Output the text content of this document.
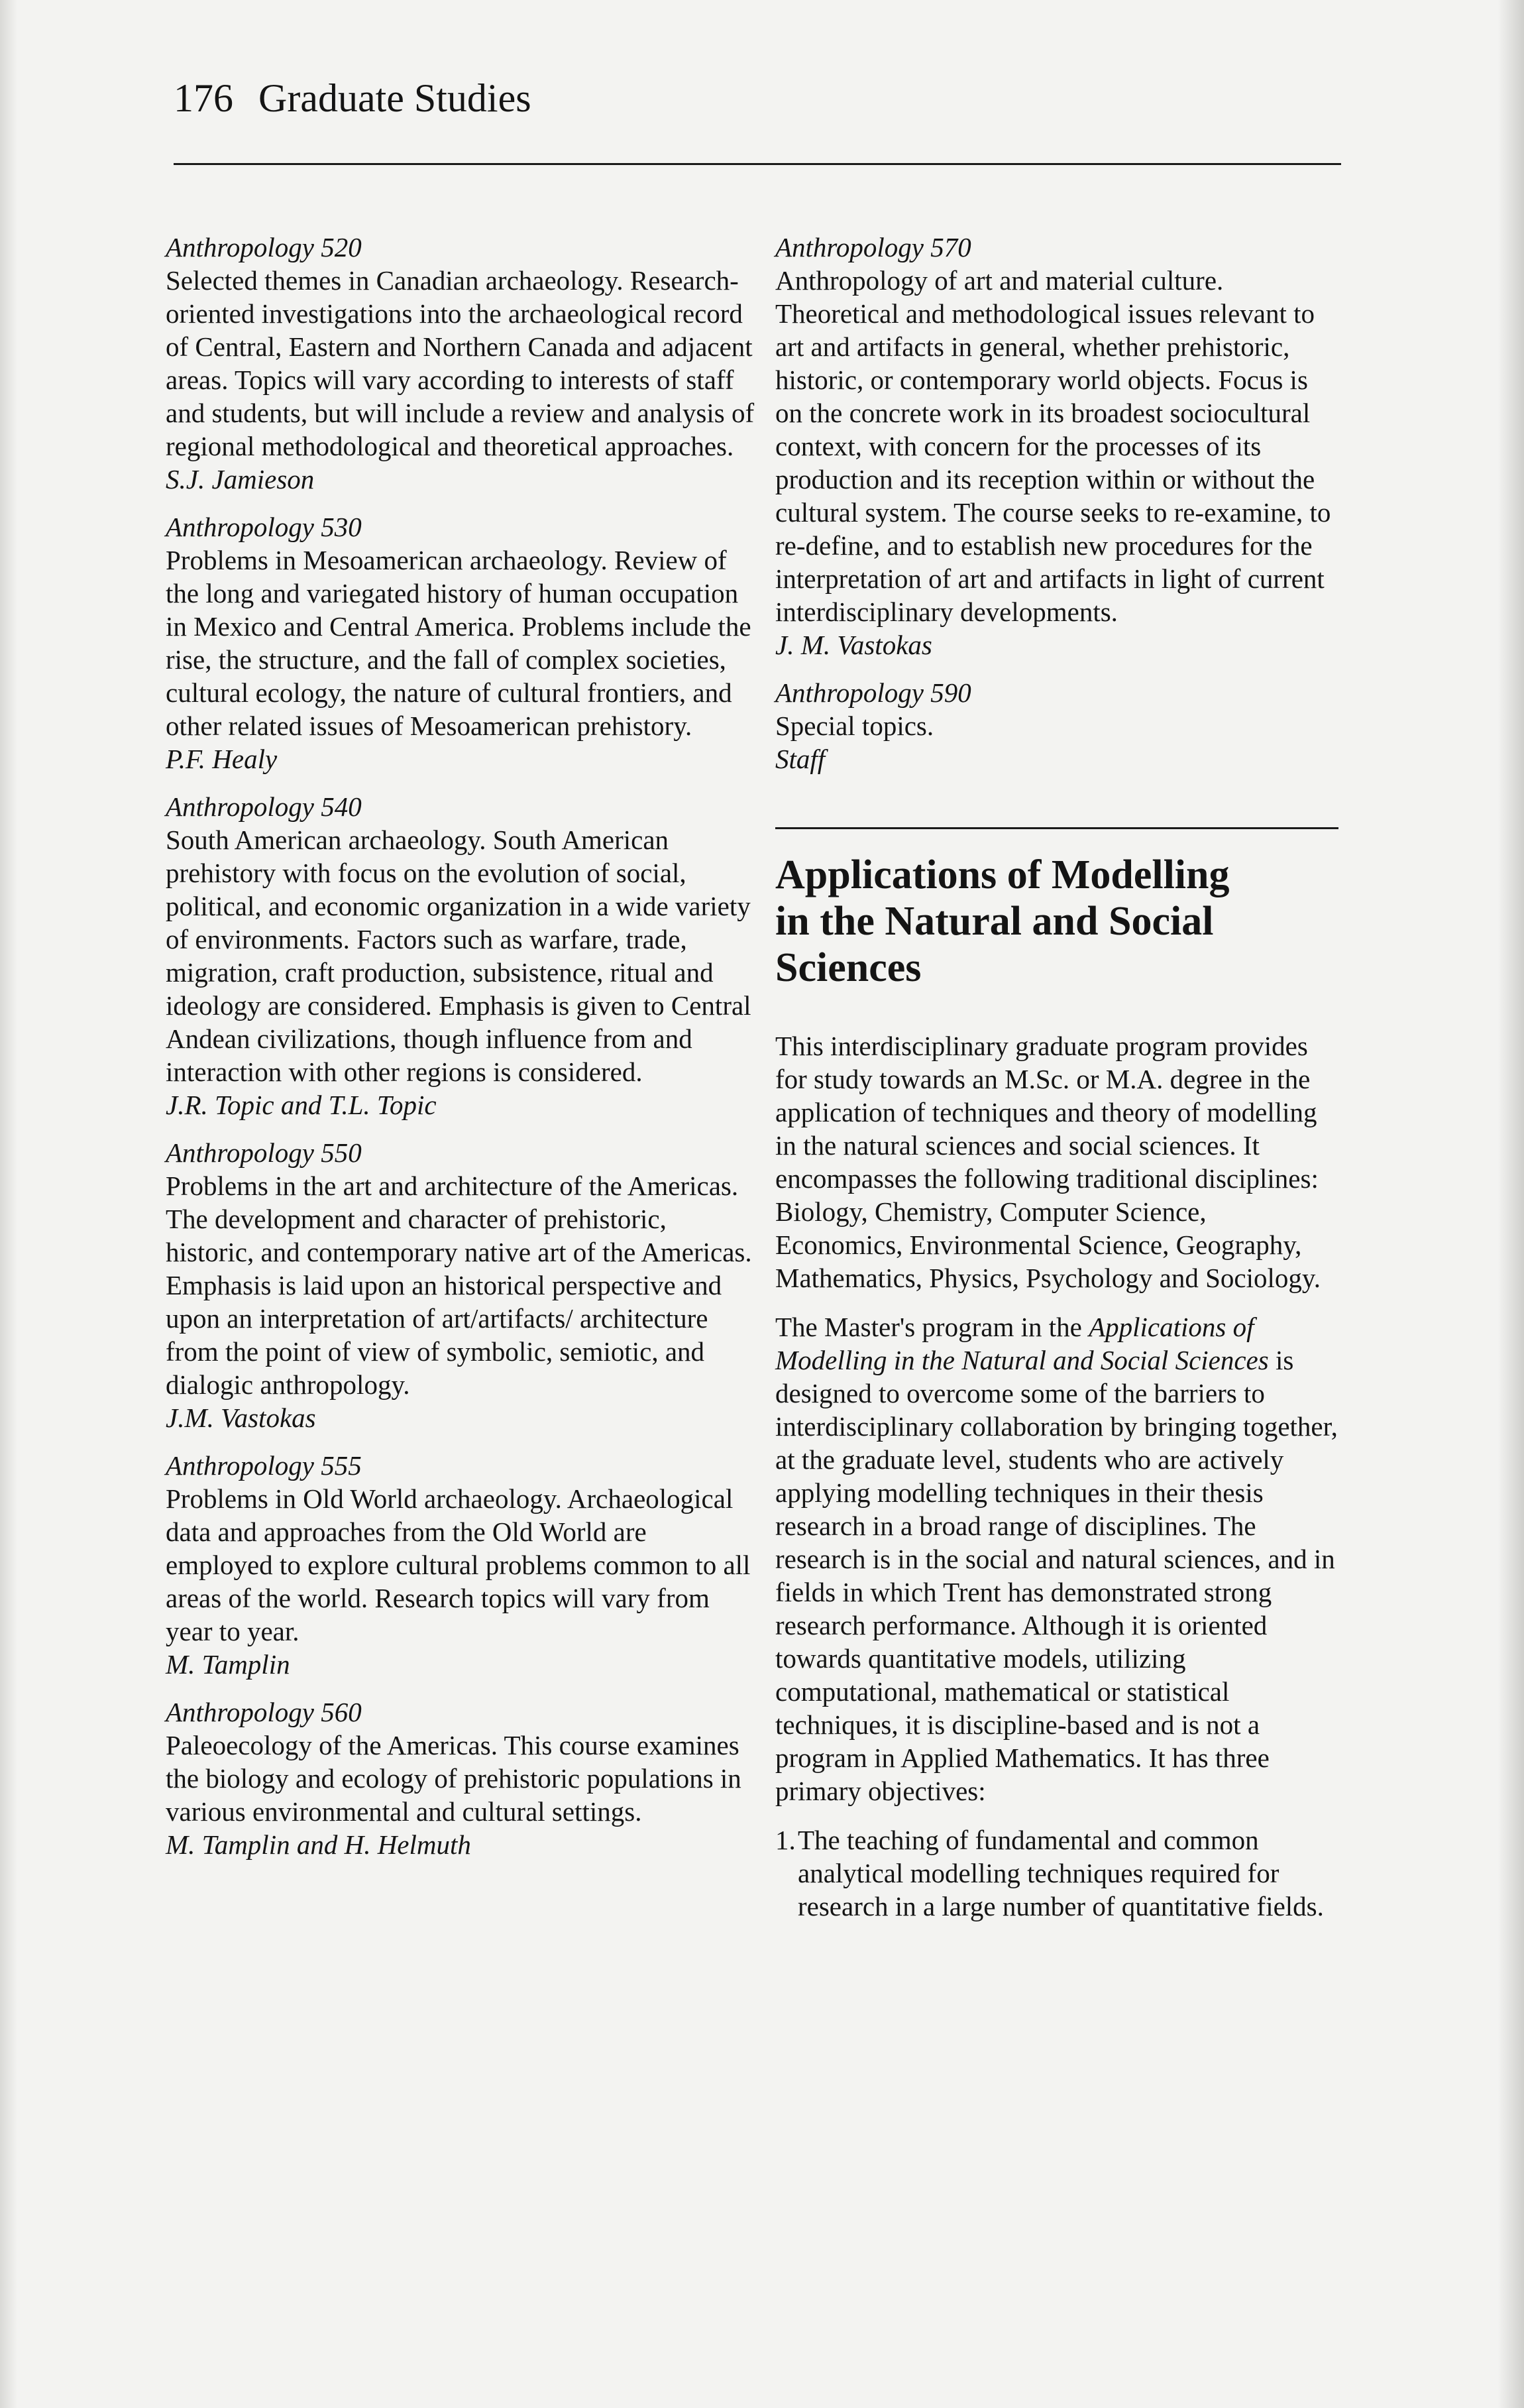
176 Graduate Studies
Anthropology 520
Selected themes in Canadian archaeology. Research-oriented investigations into the archaeological record of Central, Eastern and Northern Canada and adjacent areas. Topics will vary according to interests of staff and students, but will include a review and analysis of regional methodological and theoretical approaches.
S.J. Jamieson
Anthropology 530
Problems in Mesoamerican archaeology. Review of the long and variegated history of human occupation in Mexico and Central America. Problems include the rise, the structure, and the fall of complex societies, cultural ecology, the nature of cultural frontiers, and other related issues of Mesoamerican prehistory.
P.F. Healy
Anthropology 540
South American archaeology. South American prehistory with focus on the evolution of social, political, and economic organization in a wide variety of environments. Factors such as warfare, trade, migration, craft production, subsistence, ritual and ideology are considered. Emphasis is given to Central Andean civilizations, though influence from and interaction with other regions is considered.
J.R. Topic and T.L. Topic
Anthropology 550
Problems in the art and architecture of the Americas. The development and character of prehistoric, historic, and contemporary native art of the Americas. Emphasis is laid upon an historical perspective and upon an interpretation of art/artifacts/ architecture from the point of view of symbolic, semiotic, and dialogic anthropology.
J.M. Vastokas
Anthropology 555
Problems in Old World archaeology. Archaeological data and approaches from the Old World are employed to explore cultural problems common to all areas of the world. Research topics will vary from year to year.
M. Tamplin
Anthropology 560
Paleoecology of the Americas. This course examines the biology and ecology of prehistoric populations in various environmental and cultural settings.
M. Tamplin and H. Helmuth
Anthropology 570
Anthropology of art and material culture. Theoretical and methodological issues relevant to art and artifacts in general, whether prehistoric, historic, or contemporary world objects. Focus is on the concrete work in its broadest sociocultural context, with concern for the processes of its production and its reception within or without the cultural system. The course seeks to re-examine, to re-define, and to establish new procedures for the interpretation of art and artifacts in light of current interdisciplinary developments.
J. M. Vastokas
Anthropology 590
Special topics.
Staff
Applications of Modelling in the Natural and Social Sciences

This interdisciplinary graduate program provides for study towards an M.Sc. or M.A. degree in the application of techniques and theory of modelling in the natural sciences and social sciences. It encompasses the following traditional disciplines: Biology, Chemistry, Computer Science, Economics, Environmental Science, Geography, Mathematics, Physics, Psychology and Sociology.

The Master's program in the Applications of Modelling in the Natural and Social Sciences is designed to overcome some of the barriers to interdisciplinary collaboration by bringing together, at the graduate level, students who are actively applying modelling techniques in their thesis research in a broad range of disciplines. The research is in the social and natural sciences, and in fields in which Trent has demonstrated strong research performance. Although it is oriented towards quantitative models, utilizing computational, mathematical or statistical techniques, it is discipline-based and is not a program in Applied Mathematics. It has three primary objectives:

1. The teaching of fundamental and common analytical modelling techniques required for research in a large number of quantitative fields.
